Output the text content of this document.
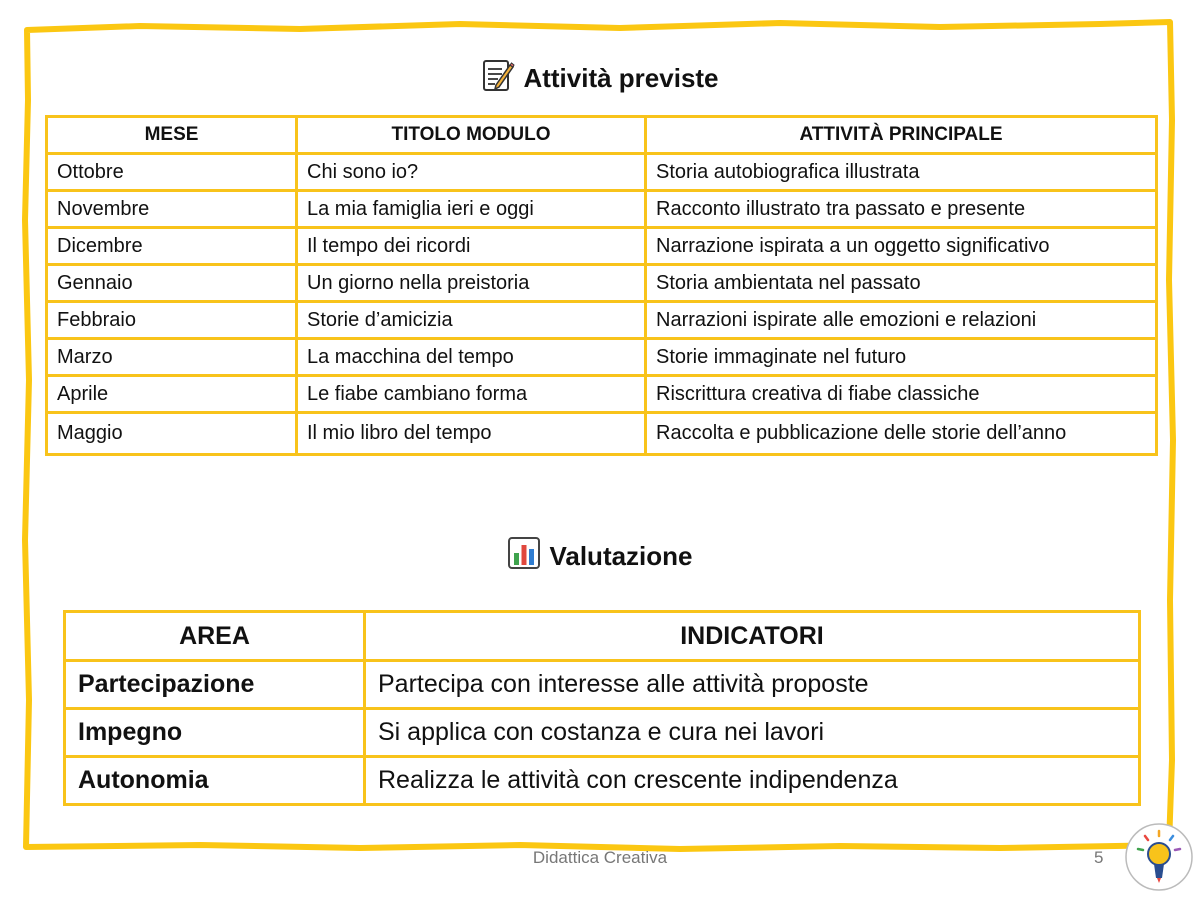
Attività previste
MESE	TITOLO MODULO	ATTIVITÀ PRINCIPALE
Ottobre	Chi sono io?	Storia autobiografica illustrata
Novembre	La mia famiglia ieri e oggi	Racconto illustrato tra passato e presente
Dicembre	Il tempo dei ricordi	Narrazione ispirata a un oggetto significativo
Gennaio	Un giorno nella preistoria	Storia ambientata nel passato
Febbraio	Storie d’amicizia	Narrazioni ispirate alle emozioni e relazioni
Marzo	La macchina del tempo	Storie immaginate nel futuro
Aprile	Le fiabe cambiano forma	Riscrittura creativa di fiabe classiche
Maggio	Il mio libro del tempo	Raccolta e pubblicazione delle storie dell’anno
Valutazione
AREA	INDICATORI
Partecipazione	Partecipa con interesse alle attività proposte
Impegno	Si applica con costanza e cura nei lavori
Autonomia	Realizza le attività con crescente indipendenza
Didattica Creativa	5
